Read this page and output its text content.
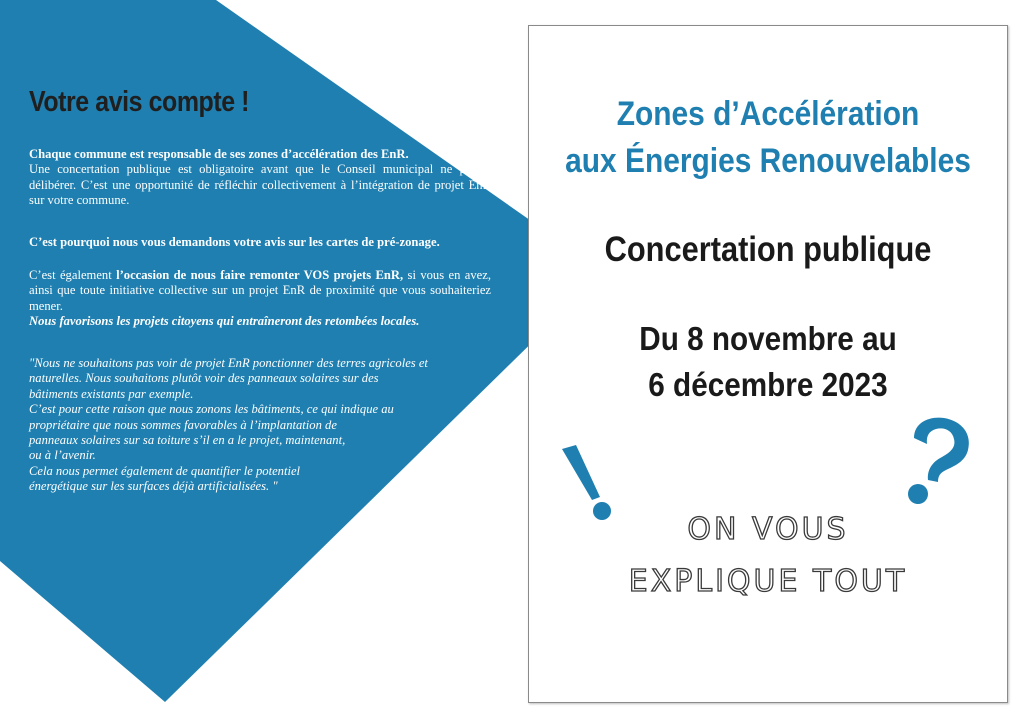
Votre avis compte !

Chaque commune est responsable de ses zones d’accélération des EnR.
Une concertation publique est obligatoire avant que le Conseil municipal ne puisse délibérer. C’est une opportunité de réfléchir collectivement à l’intégration de projet EnR sur votre commune.

C’est pourquoi nous vous demandons votre avis sur les cartes de pré-zonage.

C’est également l’occasion de nous faire remonter VOS projets EnR, si vous en avez, ainsi que toute initiative collective sur un projet EnR de proximité que vous souhaiteriez mener.
Nous favorisons les projets citoyens qui entraîneront des retombées locales.

"Nous ne souhaitons pas voir de projet EnR ponctionner des terres agricoles et
naturelles. Nous souhaitons plutôt voir des panneaux solaires sur des
bâtiments existants par exemple.
C’est pour cette raison que nous zonons les bâtiments, ce qui indique au
propriétaire que nous sommes favorables à l’implantation de
panneaux solaires sur sa toiture s’il en a le projet, maintenant,
ou à l’avenir.
Cela nous permet également de quantifier le potentiel
énergétique sur les surfaces déjà artificialisées. "

Zones d’Accélération
aux Énergies Renouvelables
Concertation publique
Du 8 novembre au
6 décembre 2023
ON VOUS
EXPLIQUE TOUT
